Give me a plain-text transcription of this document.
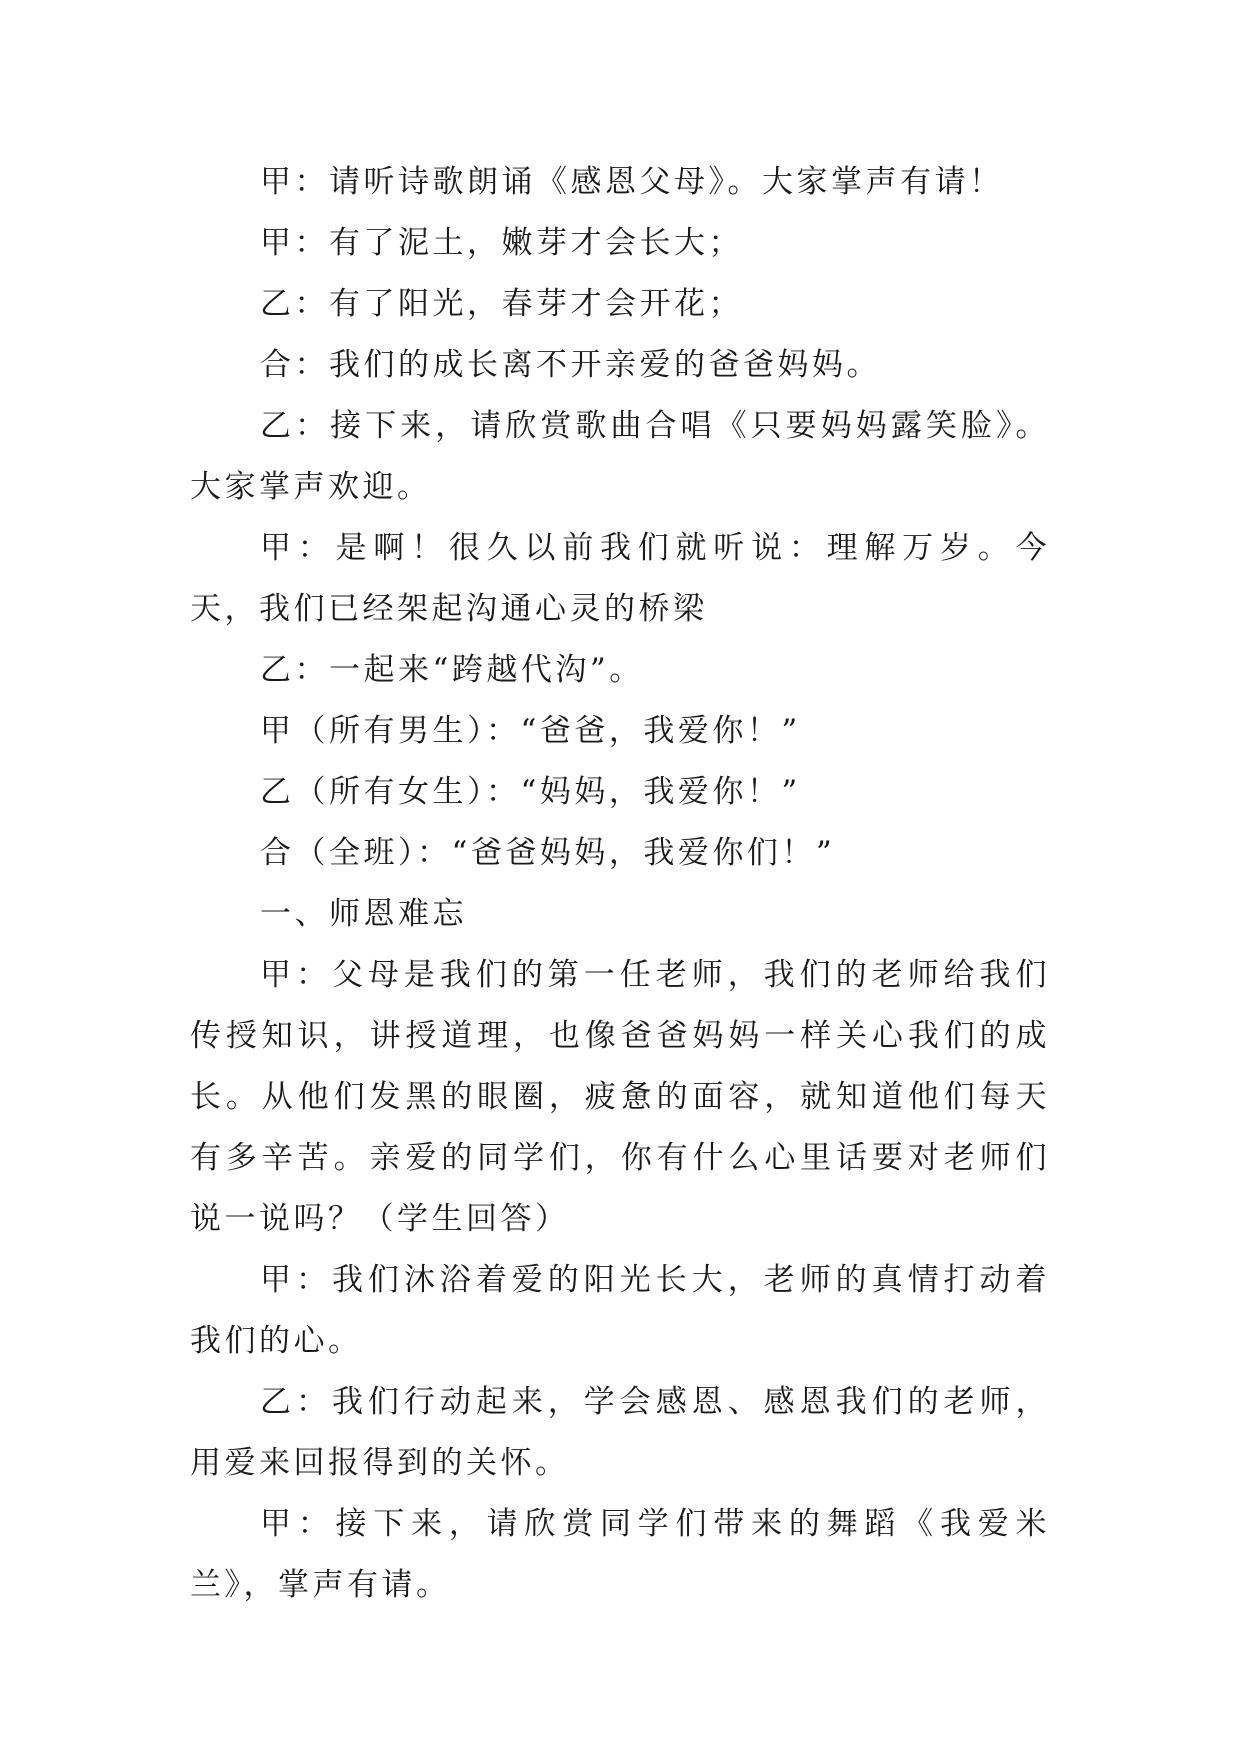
甲：请听诗歌朗诵《感恩父母》。大家掌声有请！

甲：有了泥土，嫩芽才会长大；

乙：有了阳光，春芽才会开花；

合：我们的成长离不开亲爱的爸爸妈妈。

乙：接下来，请欣赏歌曲合唱《只要妈妈露笑脸》。大家掌声欢迎。

甲：是啊！很久以前我们就听说：理解万岁。今天，我们已经架起沟通心灵的桥梁

乙：一起来“跨越代沟”。

甲（所有男生）：“爸爸，我爱你！”

乙（所有女生）：“妈妈，我爱你！”

合（全班）：“爸爸妈妈，我爱你们！”

一、师恩难忘

甲：父母是我们的第一任老师，我们的老师给我们传授知识，讲授道理，也像爸爸妈妈一样关心我们的成长。从他们发黑的眼圈，疲惫的面容，就知道他们每天有多辛苦。亲爱的同学们，你有什么心里话要对老师们说一说吗？（学生回答）

甲：我们沐浴着爱的阳光长大，老师的真情打动着我们的心。

乙：我们行动起来，学会感恩、感恩我们的老师，用爱来回报得到的关怀。

甲：接下来，请欣赏同学们带来的舞蹈《我爱米兰》，掌声有请。
